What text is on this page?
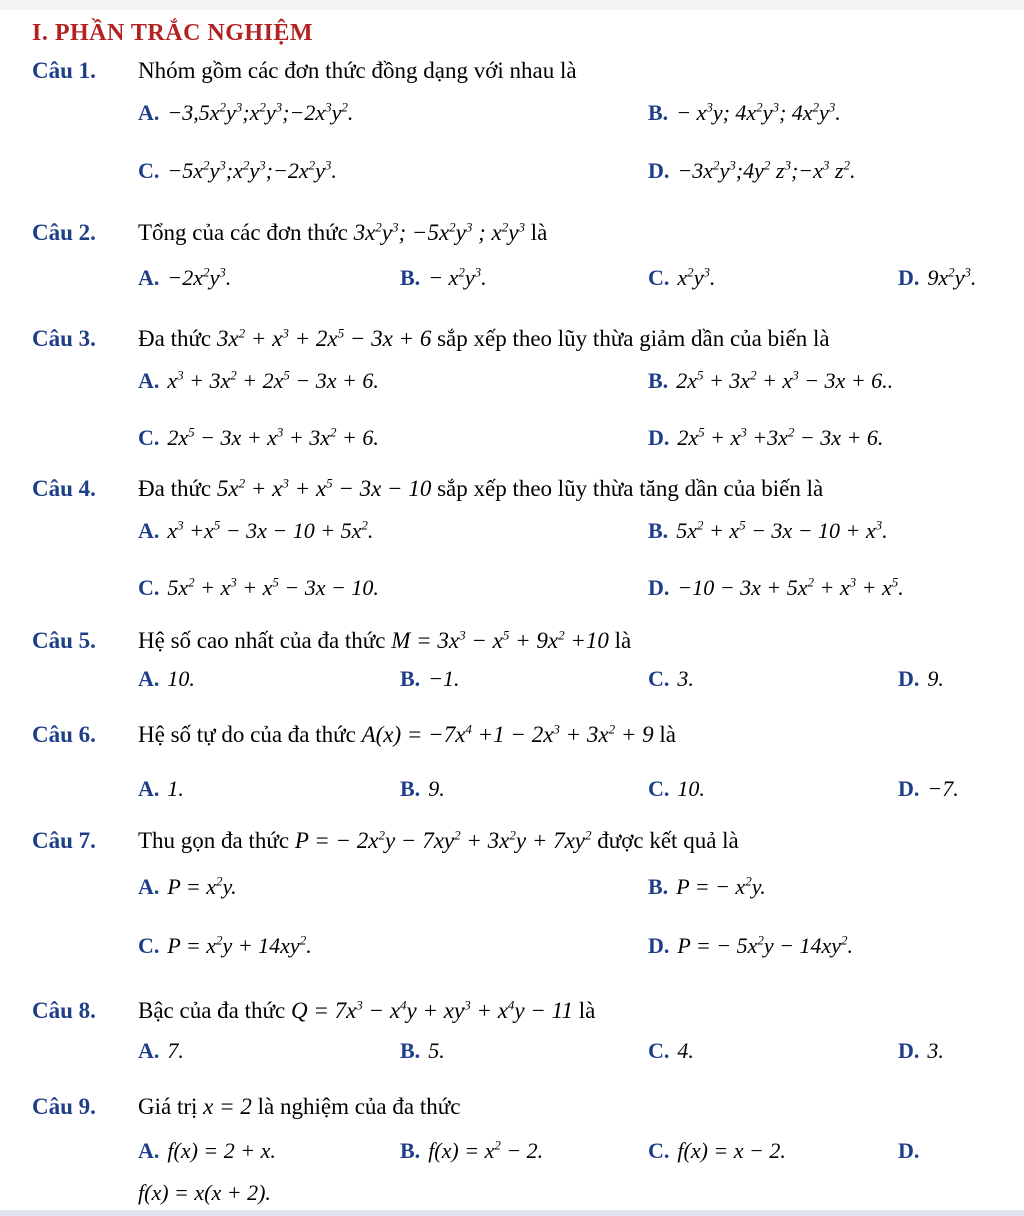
I. PHẦN TRẮC NGHIỆM
Câu 1. Nhóm gồm các đơn thức đồng dạng với nhau là
A. $-3,5x^2y^3;x^2y^3;-2x^3y^2$.	B. − $x^3y$; $4x^2y^3$; $4x^2y^3$.
C. $-5x^2y^3;x^2y^3;-2x^2y^3$.	D. $-3x^2y^3;4y^2$ $z^3;-x^3$ $z^2$.
Câu 2. Tổng của các đơn thức $3x^2y^3$; $-5x^2y^3$ ; $x^2y^3$ là
A. $-2x^2y^3$.	B. − $x^2y^3$.	C. $x^2y^3$.	D. $9x^2y^3$.
Câu 3. Đa thức $3x^2 + x^3 + 2x^5 - 3x + 6$ sắp xếp theo lũy thừa giảm dần của biến là
A. $x^3 + 3x^2 + 2x^5 - 3x + 6$.	B. $2x^5 + 3x^2 + x^3 - 3x + 6$..
C. $2x^5 - 3x + x^3 + 3x^2 + 6$.	D. $2x^5 + x^3 +3x^2 - 3x + 6$.
Câu 4. Đa thức $5x^2 + x^3 + x^5 - 3x - 10$ sắp xếp theo lũy thừa tăng dần của biến là
A. $x^3 +x^5 - 3x - 10 + 5x^2$.	B. $5x^2 + x^5 - 3x - 10 + x^3$.
C. $5x^2 + x^3 + x^5 - 3x - 10$.	D. $-10 - 3x + 5x^2 + x^3 + x^5$.
Câu 5. Hệ số cao nhất của đa thức $M = 3x^3 - x^5 + 9x^2 +10$ là
A. 10.	B. −1.	C. 3.	D. 9.
Câu 6. Hệ số tự do của đa thức $A(x) = -7x^4 +1 - 2x^3 + 3x^2 + 9$ là
A. 1.	B. 9.	C. 10.	D. −7.
Câu 7. Thu gọn đa thức P = − $2x^2y - 7xy^2 + 3x^2y + 7xy^2$ được kết quả là
A. $P = x^2y$.	B. P = − $x^2y$.
C. $P = x^2y + 14xy^2$.	D. P = − $5x^2y - 14xy^2$.
Câu 8. Bậc của đa thức $Q = 7x^3 - x^4y + xy^3 + x^4y - 11$ là
A. 7.	B. 5.	C. 4.	D. 3.
Câu 9. Giá trị x = 2 là nghiệm của đa thức
A. f(x) = 2 + x.	B. $f(x) = x^2 - 2$.	C. f(x) = x − 2.	D.
f(x) = x(x + 2).
